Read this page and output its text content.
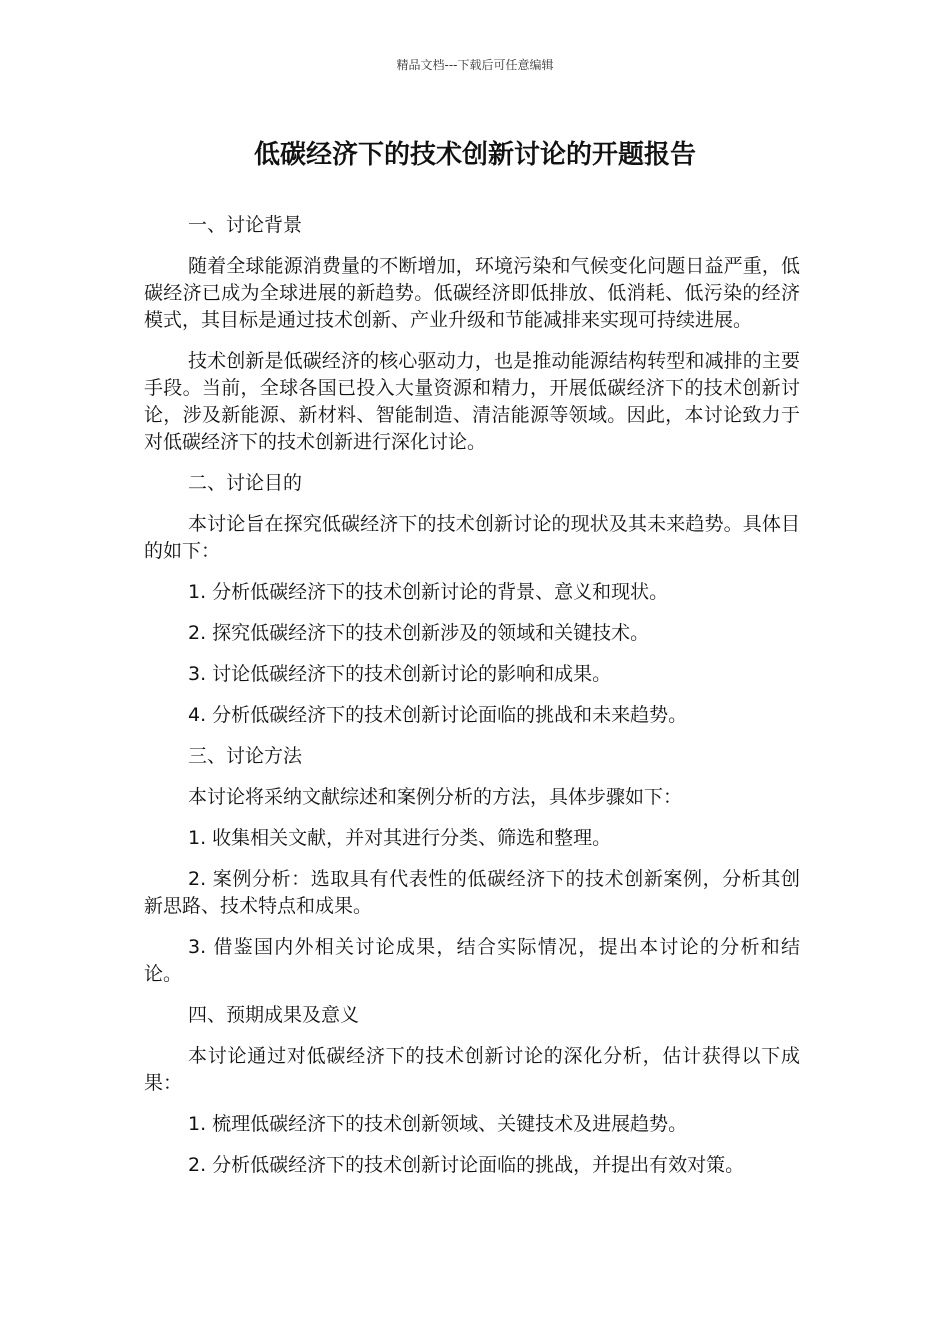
精品文档---下载后可任意编辑
低碳经济下的技术创新讨论的开题报告

一、讨论背景

随着全球能源消费量的不断增加，环境污染和气候变化问题日益严重，低碳经济已成为全球进展的新趋势。低碳经济即低排放、低消耗、低污染的经济模式，其目标是通过技术创新、产业升级和节能减排来实现可持续进展。

技术创新是低碳经济的核心驱动力，也是推动能源结构转型和减排的主要手段。当前，全球各国已投入大量资源和精力，开展低碳经济下的技术创新讨论，涉及新能源、新材料、智能制造、清洁能源等领域。因此，本讨论致力于对低碳经济下的技术创新进行深化讨论。

二、讨论目的

本讨论旨在探究低碳经济下的技术创新讨论的现状及其未来趋势。具体目的如下：

1. 分析低碳经济下的技术创新讨论的背景、意义和现状。

2. 探究低碳经济下的技术创新涉及的领域和关键技术。

3. 讨论低碳经济下的技术创新讨论的影响和成果。

4. 分析低碳经济下的技术创新讨论面临的挑战和未来趋势。

三、讨论方法

本讨论将采纳文献综述和案例分析的方法，具体步骤如下：

1. 收集相关文献，并对其进行分类、筛选和整理。

2. 案例分析：选取具有代表性的低碳经济下的技术创新案例，分析其创新思路、技术特点和成果。

3. 借鉴国内外相关讨论成果，结合实际情况，提出本讨论的分析和结论。

四、预期成果及意义

本讨论通过对低碳经济下的技术创新讨论的深化分析，估计获得以下成果：

1. 梳理低碳经济下的技术创新领域、关键技术及进展趋势。

2. 分析低碳经济下的技术创新讨论面临的挑战，并提出有效对策。
